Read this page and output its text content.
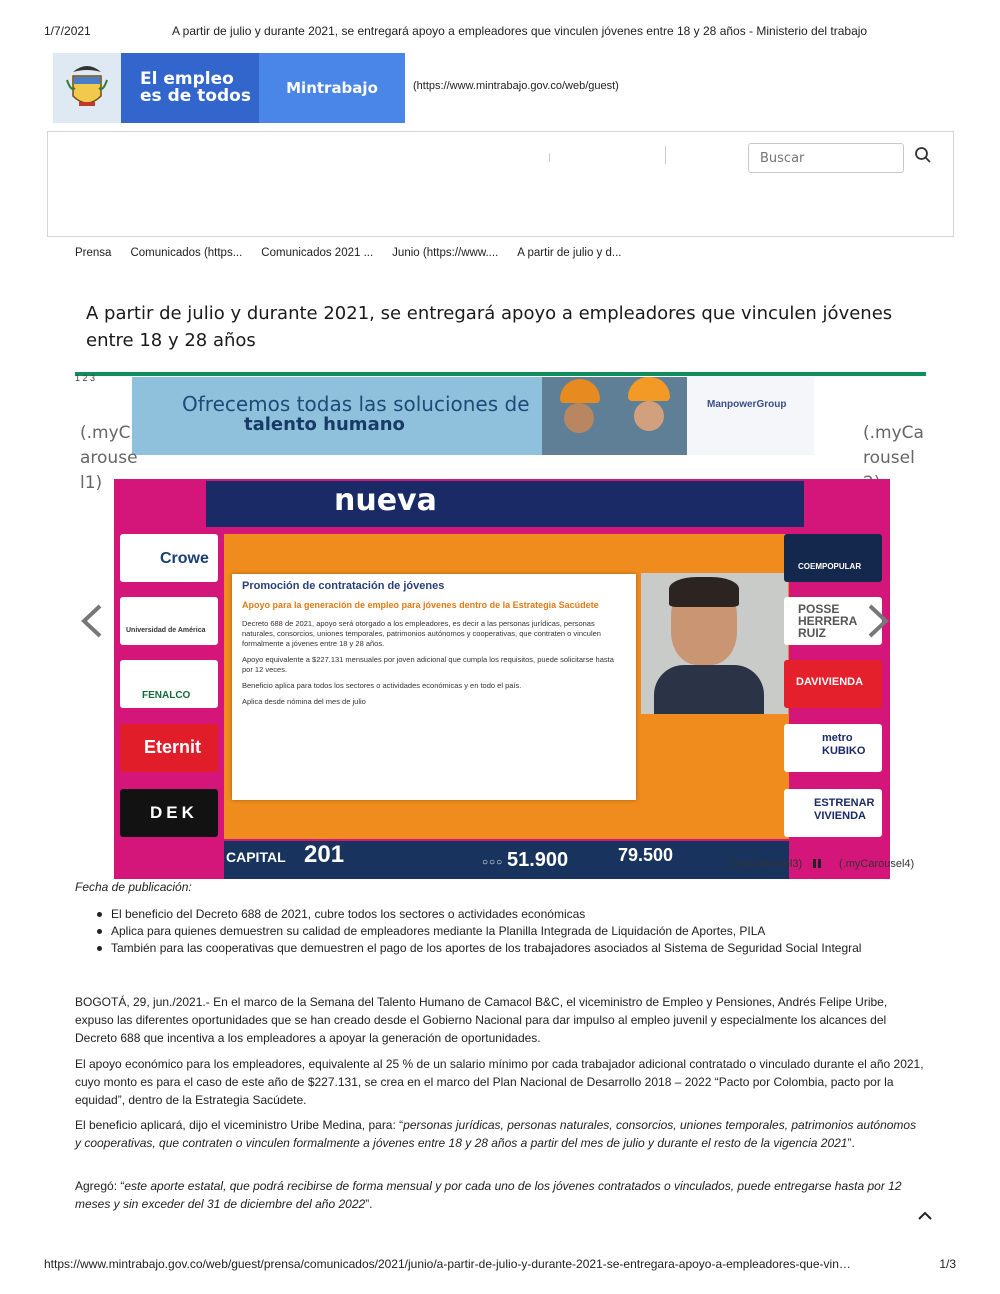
1/7/2021	A partir de julio y durante 2021, se entregará apoyo a empleadores que vinculen jóvenes entre 18 y 28 años - Ministerio del trabajo
El empleo
es de todos	Mintrabajo	(https://www.mintrabajo.gov.co/web/guest)
Buscar
Prensa Comunicados (https... Comunicados 2021 ... Junio (https://www.... A partir de julio y d...
A partir de julio y durante 2021, se entregará apoyo a empleadores que vinculen jóvenes entre 18 y 28 años
1 2 3
Ofrecemos todas las soluciones de
talento humano
ManpowerGroup
(.myCarousel1)
(.myCarousel
nueva
Promoción de contratación de jóvenes
Apoyo para la generación de empleo para jóvenes dentro de la Estrategia Sacúdete
Decreto 688 de 2021, apoyo será otorgado a los empleadores, es decir a las personas jurídicas, personas naturales, consorcios, uniones temporales, patrimonios autónomos y cooperativas, que contraten o vinculen formalmente a jóvenes entre 18 y 28 años.
Apoyo equivalente a $227.131 mensuales por joven adicional que cumpla los requisitos, puede solicitarse hasta por 12 veces.
Beneficio aplica para todos los sectores o actividades económicas y en todo el país.
Aplica desde nómina del mes de julio
Crowe
Universidad de América
FENALCO
Eternit
DEK
COEMPOPULAR
POSSE HERRERA RUIZ
DAVIVIENDA
metro KUBIKO
ESTRENAR VIVIENDA
CAPITAL 201	51.900	79.500
○○○	(.myCarousel3)	(.myCarousel4)
Fecha de publicación:
El beneficio del Decreto 688 de 2021, cubre todos los sectores o actividades económicas
Aplica para quienes demuestren su calidad de empleadores mediante la Planilla Integrada de Liquidación de Aportes, PILA
También para las cooperativas que demuestren el pago de los aportes de los trabajadores asociados al Sistema de Seguridad Social Integral

BOGOTÁ, 29, jun./2021.- En el marco de la Semana del Talento Humano de Camacol B&C, el viceministro de Empleo y Pensiones, Andrés Felipe Uribe, expuso las diferentes oportunidades que se han creado desde el Gobierno Nacional para dar impulso al empleo juvenil y especialmente los alcances del Decreto 688 que incentiva a los empleadores a apoyar la generación de oportunidades.

El apoyo económico para los empleadores, equivalente al 25 % de un salario mínimo por cada trabajador adicional contratado o vinculado durante el año 2021, cuyo monto es para el caso de este año de $227.131, se crea en el marco del Plan Nacional de Desarrollo 2018 – 2022 “Pacto por Colombia, pacto por la equidad”, dentro de la Estrategia Sacúdete.

El beneficio aplicará, dijo el viceministro Uribe Medina, para: “personas jurídicas, personas naturales, consorcios, uniones temporales, patrimonios autónomos y cooperativas, que contraten o vinculen formalmente a jóvenes entre 18 y 28 años a partir del mes de julio y durante el resto de la vigencia 2021”.

Agregó: “este aporte estatal, que podrá recibirse de forma mensual y por cada uno de los jóvenes contratados o vinculados, puede entregarse hasta por 12 meses y sin exceder del 31 de diciembre del año 2022”.

https://www.mintrabajo.gov.co/web/guest/prensa/comunicados/2021/junio/a-partir-de-julio-y-durante-2021-se-entregara-apoyo-a-empleadores-que-vin…	1/3
